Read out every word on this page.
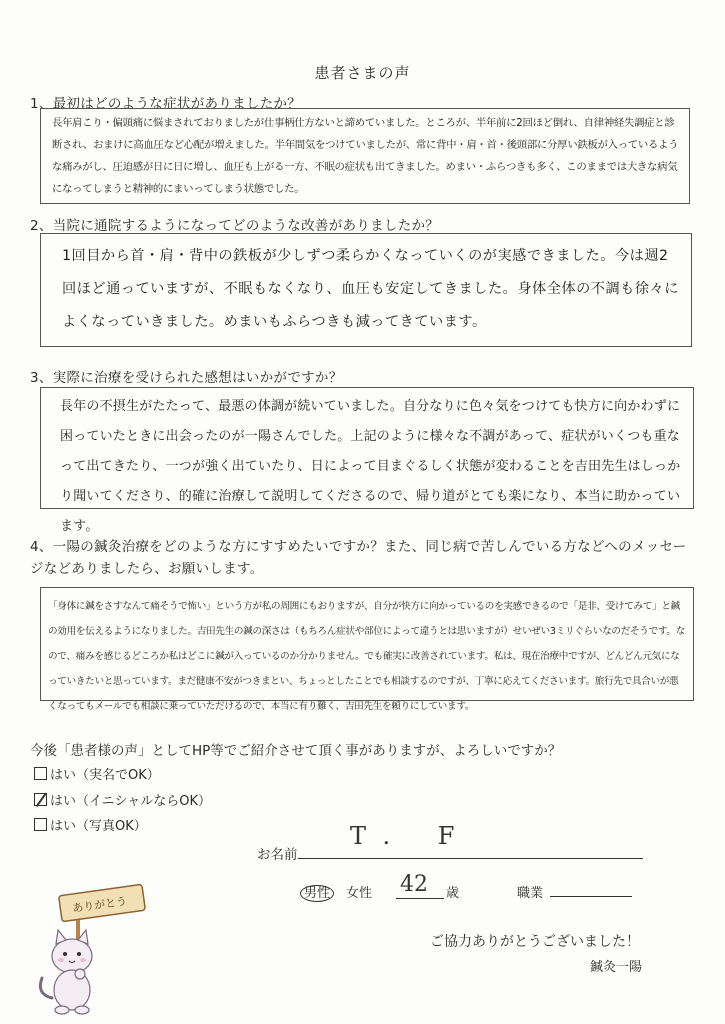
患者さまの声
1、最初はどのような症状がありましたか？

長年肩こり・偏頭痛に悩まされておりましたが仕事柄仕方ないと諦めていました。ところが、半年前に2回ほど倒れ、自律神経失調症と診断され、おまけに高血圧など心配が増えました。半年間気をつけていましたが、常に背中・肩・首・後頭部に分厚い鉄板が入っているような痛みがし、圧迫感が日に日に増し、血圧も上がる一方、不眠の症状も出てきました。めまい・ふらつきも多く、このままでは大きな病気になってしまうと精神的にまいってしまう状態でした。

2、当院に通院するようになってどのような改善がありましたか？

1回目から首・肩・背中の鉄板が少しずつ柔らかくなっていくのが実感できました。今は週2回ほど通っていますが、不眠もなくなり、血圧も安定してきました。身体全体の不調も徐々によくなっていきました。めまいもふらつきも減ってきています。

3、実際に治療を受けられた感想はいかがですか？

長年の不摂生がたたって、最悪の体調が続いていました。自分なりに色々気をつけても快方に向かわずに困っていたときに出会ったのが一陽さんでした。上記のように様々な不調があって、症状がいくつも重なって出てきたり、一つが強く出ていたり、日によって目まぐるしく状態が変わることを吉田先生はしっかり聞いてくださり、的確に治療して説明してくださるので、帰り道がとても楽になり、本当に助かっています。

4、一陽の鍼灸治療をどのような方にすすめたいですか？また、同じ病で苦しんでいる方などへのメッセージなどありましたら、お願いします。

「身体に鍼をさすなんて痛そうで怖い」という方が私の周囲にもおりますが、自分が快方に向かっているのを実感できるので「是非、受けてみて」と鍼の効用を伝えるようになりました。吉田先生の鍼の深さは（もちろん症状や部位によって違うとは思いますが）せいぜい3ミリぐらいなのだそうです。なので、痛みを感じるどころか私はどこに鍼が入っているのか分かりません。でも確実に改善されています。私は、現在治療中ですが、どんどん元気になっていきたいと思っています。まだ健康不安がつきまとい、ちょっとしたことでも相談するのですが、丁寧に応えてくださいます。旅行先で具合いが悪くなってもメールでも相談に乗っていただけるので、本当に有り難く、吉田先生を頼りにしています。

今後「患者様の声」としてHP等でご紹介させて頂く事がありますが、よろしいですか？
はい（実名でOK）
はい（イニシャルならOK）
はい（写真OK）
お名前
T. F
男性 女性 42 歳	職業
ありがとう
ご協力ありがとうございました！
鍼灸一陽
